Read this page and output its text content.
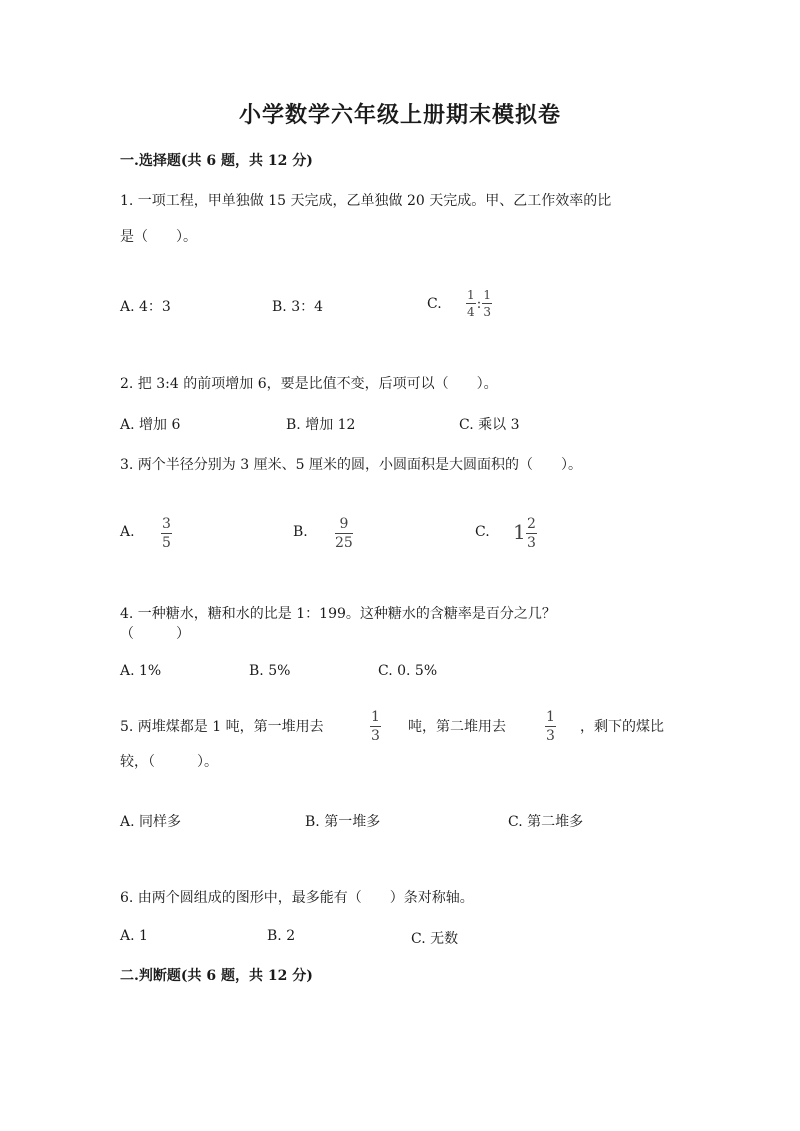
小学数学六年级上册期末模拟卷
一.选择题(共 6 题，共 12 分)
1. 一项工程，甲单独做 15 天完成，乙单独做 20 天完成。甲、乙工作效率的比
是（　　）。
A. 4：3	B. 3：4	C. $\frac{1}{4}$ : $\frac{1}{3}$
2. 把 3:4 的前项增加 6，要是比值不变，后项可以（　　）。
A. 增加 6	B. 增加 12	C. 乘以 3
3. 两个半径分别为 3 厘米、5 厘米的圆，小圆面积是大圆面积的（　　）。
A. 3
5
B. 9
25
C. 1 2
3
4. 一种糖水，糖和水的比是 1：199。这种糖水的含糖率是百分之几？
（　　　）
A. 1%	B. 5%	C. 0. 5%
5. 两堆煤都是 1 吨，第一堆用去
1
3
吨，第二堆用去
1
3
，剩下的煤比
较，（　　　）。
A. 同样多	B. 第一堆多	C. 第二堆多
6. 由两个圆组成的图形中，最多能有（　　）条对称轴。
A. 1	B. 2	C. 无数
二.判断题(共 6 题，共 12 分)
